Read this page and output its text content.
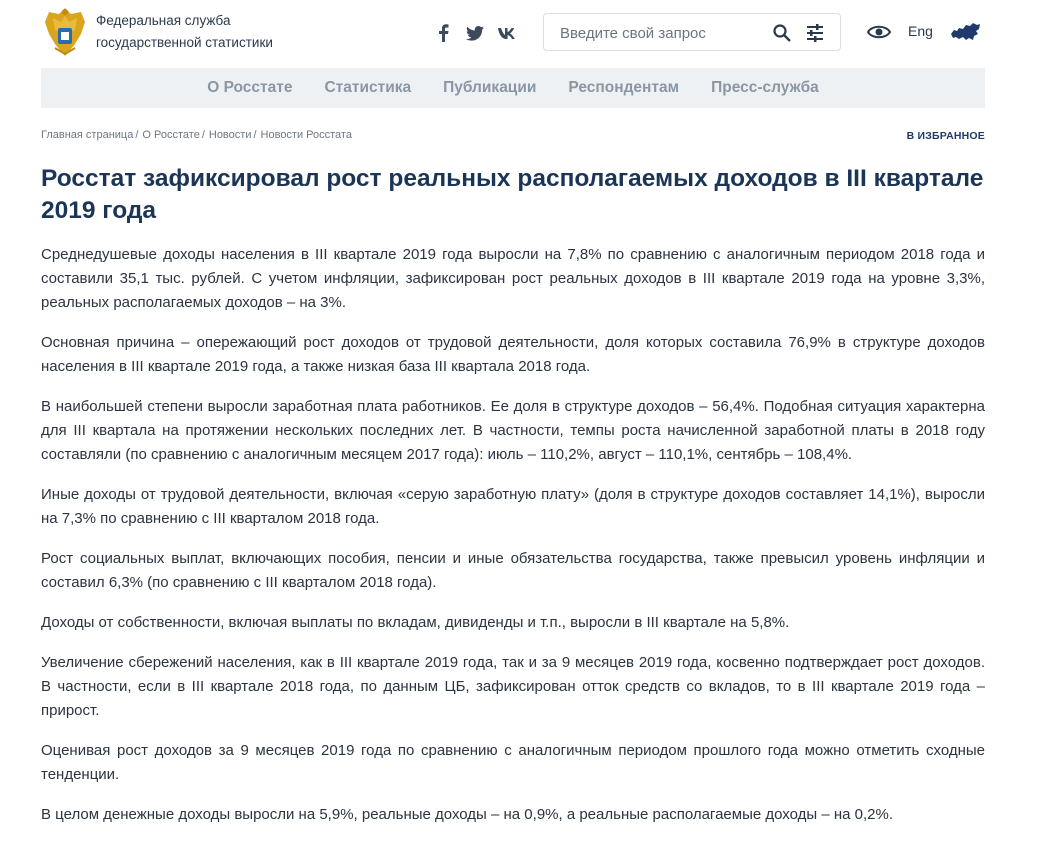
Федеральная служба
государственной статистики
Введите свой запрос
Eng
О Росстате Статистика Публикации Респондентам Пресс-служба
Главная страница / О Росстате / Новости / Новости Росстата	В ИЗБРАННОЕ
Росстат зафиксировал рост реальных располагаемых доходов в III квартале 2019 года

Среднедушевые доходы населения в III квартале 2019 года выросли на 7,8% по сравнению с аналогичным периодом 2018 года и составили 35,1 тыс. рублей. С учетом инфляции, зафиксирован рост реальных доходов в III квартале 2019 года на уровне 3,3%, реальных располагаемых доходов – на 3%.

Основная причина – опережающий рост доходов от трудовой деятельности, доля которых составила 76,9% в структуре доходов населения в III квартале 2019 года, а также низкая база III квартала 2018 года.

В наибольшей степени выросли заработная плата работников. Ее доля в структуре доходов – 56,4%. Подобная ситуация характерна для III квартала на протяжении нескольких последних лет. В частности, темпы роста начисленной заработной платы в 2018 году составляли (по сравнению с аналогичным месяцем 2017 года): июль – 110,2%, август – 110,1%, сентябрь – 108,4%.

Иные доходы от трудовой деятельности, включая «серую заработную плату» (доля в структуре доходов составляет 14,1%), выросли на 7,3% по сравнению с III кварталом 2018 года.

Рост социальных выплат, включающих пособия, пенсии и иные обязательства государства, также превысил уровень инфляции и составил 6,3% (по сравнению с III кварталом 2018 года).

Доходы от собственности, включая выплаты по вкладам, дивиденды и т.п., выросли в III квартале на 5,8%.

Увеличение сбережений населения, как в III квартале 2019 года, так и за 9 месяцев 2019 года, косвенно подтверждает рост доходов. В частности, если в III квартале 2018 года, по данным ЦБ, зафиксирован отток средств со вкладов, то в III квартале 2019 года – прирост.

Оценивая рост доходов за 9 месяцев 2019 года по сравнению с аналогичным периодом прошлого года можно отметить сходные тенденции.

В целом денежные доходы выросли на 5,9%, реальные доходы – на 0,9%, а реальные располагаемые доходы – на 0,2%.
